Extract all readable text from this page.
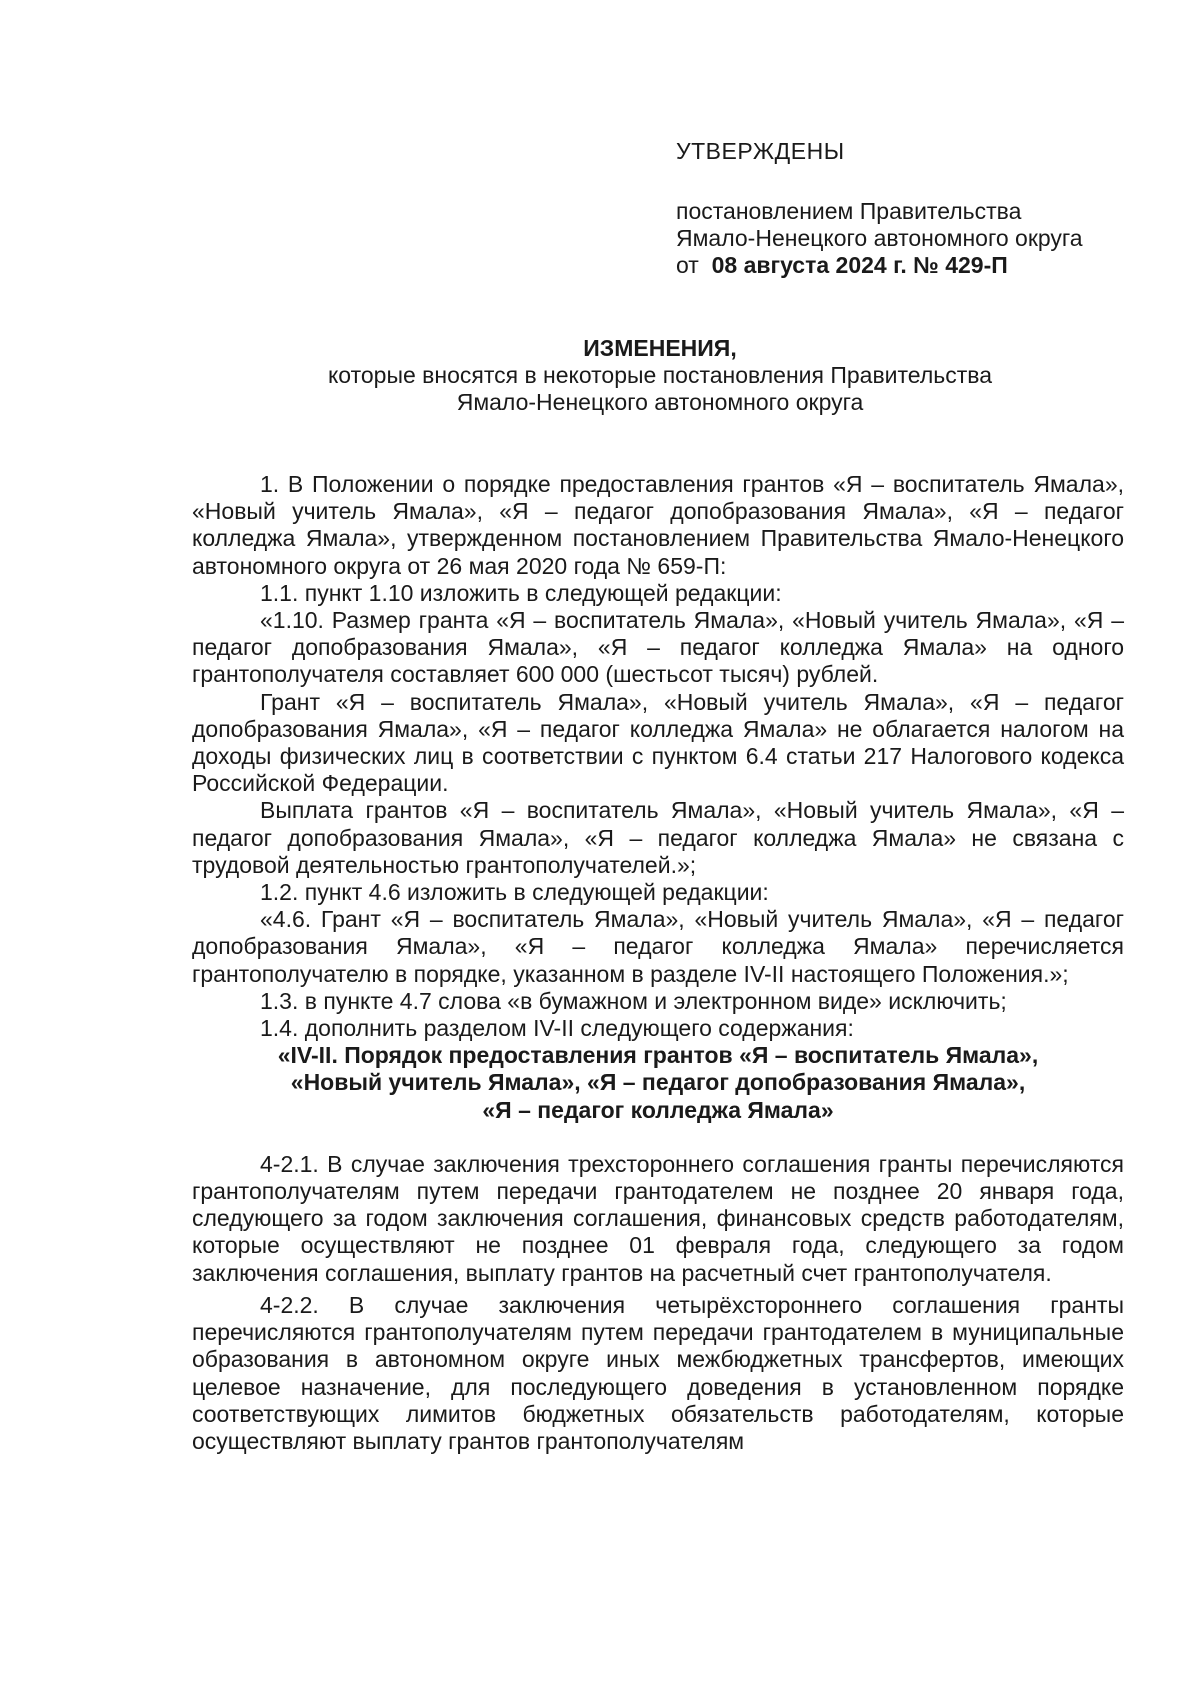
УТВЕРЖДЕНЫ

постановлением Правительства

Ямало-Ненецкого автономного округа

от 08 августа 2024 г. № 429-П

ИЗМЕНЕНИЯ,

которые вносятся в некоторые постановления Правительства

Ямало-Ненецкого автономного округа

1. В Положении о порядке предоставления грантов «Я – воспитатель Ямала», «Новый учитель Ямала», «Я – педагог допобразования Ямала», «Я – педагог колледжа Ямала», утвержденном постановлением Правительства Ямало-Ненецкого автономного округа от 26 мая 2020 года № 659-П:

1.1. пункт 1.10 изложить в следующей редакции:

«1.10. Размер гранта «Я – воспитатель Ямала», «Новый учитель Ямала», «Я – педагог допобразования Ямала», «Я – педагог колледжа Ямала» на одного грантополучателя составляет 600 000 (шестьсот тысяч) рублей.

Грант «Я – воспитатель Ямала», «Новый учитель Ямала», «Я – педагог допобразования Ямала», «Я – педагог колледжа Ямала» не облагается налогом на доходы физических лиц в соответствии с пунктом 6.4 статьи 217 Налогового кодекса Российской Федерации.

Выплата грантов «Я – воспитатель Ямала», «Новый учитель Ямала», «Я – педагог допобразования Ямала», «Я – педагог колледжа Ямала» не связана с трудовой деятельностью грантополучателей.»;

1.2. пункт 4.6 изложить в следующей редакции:

«4.6. Грант «Я – воспитатель Ямала», «Новый учитель Ямала», «Я – педагог допобразования Ямала», «Я – педагог колледжа Ямала» перечисляется грантополучателю в порядке, указанном в разделе IV-II настоящего Положения.»;

1.3. в пункте 4.7 слова «в бумажном и электронном виде» исключить;

1.4. дополнить разделом IV-II следующего содержания:

«IV-II. Порядок предоставления грантов «Я – воспитатель Ямала»,
«Новый учитель Ямала», «Я – педагог допобразования Ямала»,
«Я – педагог колледжа Ямала»

4-2.1. В случае заключения трехстороннего соглашения гранты перечисляются грантополучателям путем передачи грантодателем не позднее 20 января года, следующего за годом заключения соглашения, финансовых средств работодателям, которые осуществляют не позднее 01 февраля года, следующего за годом заключения соглашения, выплату грантов на расчетный счет грантополучателя.

4-2.2. В случае заключения четырёхстороннего соглашения гранты перечисляются грантополучателям путем передачи грантодателем в муниципальные образования в автономном округе иных межбюджетных трансфертов, имеющих целевое назначение, для последующего доведения в установленном порядке соответствующих лимитов бюджетных обязательств работодателям, которые осуществляют выплату грантов грантополучателям
